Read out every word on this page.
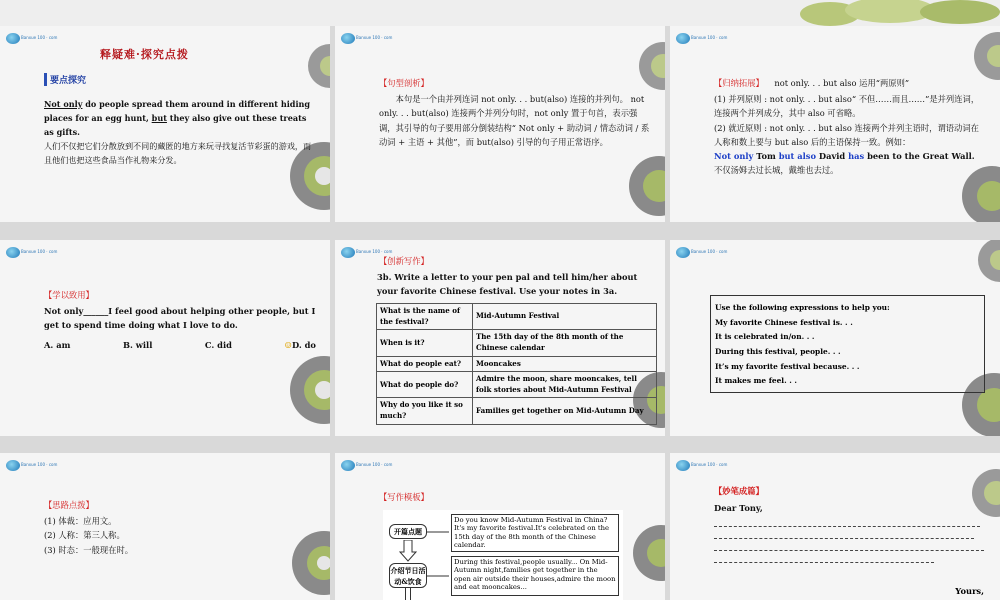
Banxue 100 · com
释疑难·探究点拨
要点探究
Not only do people spread them around in different hiding places for an egg hunt, but they also give out these treats as gifts.
人们不仅把它们分散放到不同的藏匿的地方来玩寻找复活节彩蛋的游戏，而且他们也把这些食品当作礼物来分发。
Banxue 100 · com
【句型剖析】
本句是一个由并列连词 not only. . . but(also) 连接的并列句。 not only. . . but(also) 连接两个并列分句时，not only 置于句首，表示强调，其引导的句子要用部分倒装结构“ Not only + 助动词 / 情态动词 / 系动词 + 主语 + 其他”，而 but(also) 引导的句子用正常语序。
Banxue 100 · com
【归纳拓展】 not only. . . but also 运用“两原则”
(1) 并列原则 : not only. . . but also“ 不但……而且……”是并列连词，连接两个并列成分，其中 also 可省略。
(2) 就近原则 : not only. . . but also 连接两个并列主语时，谓语动词在人称和数上要与 but also 后的主语保持一致。例如：
Not only Tom but also David has been to the Great Wall.
不仅汤姆去过长城，戴维也去过。
Banxue 100 · com
【学以致用】
Not only______I feel good about helping other people, but I get to spend time doing what I love to do.
A. am	B. will	C. did	☺D. do
Banxue 100 · com
【创新写作】
3b. Write a letter to your pen pal and tell him/her about your favorite Chinese festival. Use your notes in 3a.
What is the name of the festival?	Mid-Autumn Festival
When is it?	The 15th day of the 8th month of the Chinese calendar
What do people eat?	Mooncakes
What do people do?	Admire the moon, share mooncakes, tell folk stories about Mid-Autumn Festival
Why do you like it so much?	Families get together on Mid-Autumn Day
Banxue 100 · com
Use the following expressions to help you:
My favorite Chinese festival is. . .
It is celebrated in/on. . .
During this festival, people. . .
It’s my favorite festival because. . .
It makes me feel. . .
Banxue 100 · com
【思路点拨】
(1) 体裁：应用文。
(2) 人称：第三人称。
(3) 时态：一般现在时。
Banxue 100 · com
【写作模板】
开篇点题
介绍节日活动&饮食
Do you know Mid-Autumn Festival in China? It's my favorite festival.It's celebrated on the 15th day of the 8th month of the Chinese calendar.
During this festival,people usually... On Mid-Autumn night,families get together in the open air outside their houses,admire the moon and eat mooncakes...
Banxue 100 · com
【妙笔成篇】
Dear Tony,
Yours,
